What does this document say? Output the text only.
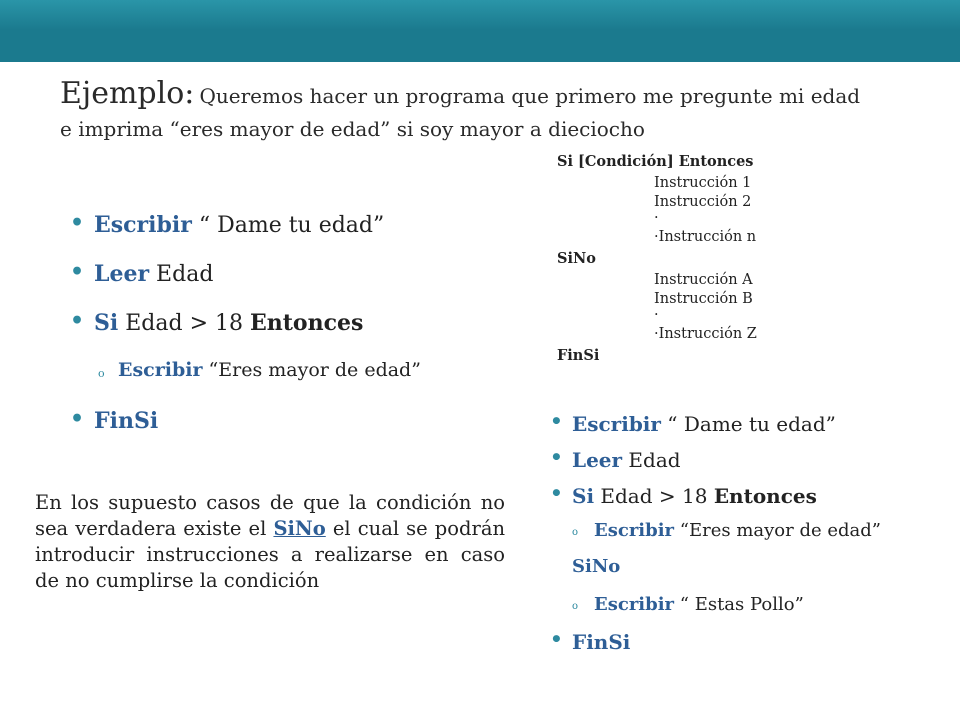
Ejemplo: Queremos hacer un programa que primero me pregunte mi edad
e imprima “eres mayor de edad” si soy mayor a dieciocho
• Escribir “ Dame tu edad”
• Leer Edad
• Si Edad > 18 Entonces
o Escribir “Eres mayor de edad”
• FinSi
Si [Condición] Entonces
Instrucción 1
Instrucción 2
·
·Instrucción n
SiNo
Instrucción A
Instrucción B
·
·Instrucción Z
FinSi
• Escribir “ Dame tu edad”
• Leer Edad
• Si Edad > 18 Entonces
o Escribir “Eres mayor de edad”
SiNo
o Escribir “ Estas Pollo”
• FinSi
En los supuesto casos de que la condición no sea verdadera existe el SiNo el cual se podrán introducir instrucciones a realizarse en caso de no cumplirse la condición
